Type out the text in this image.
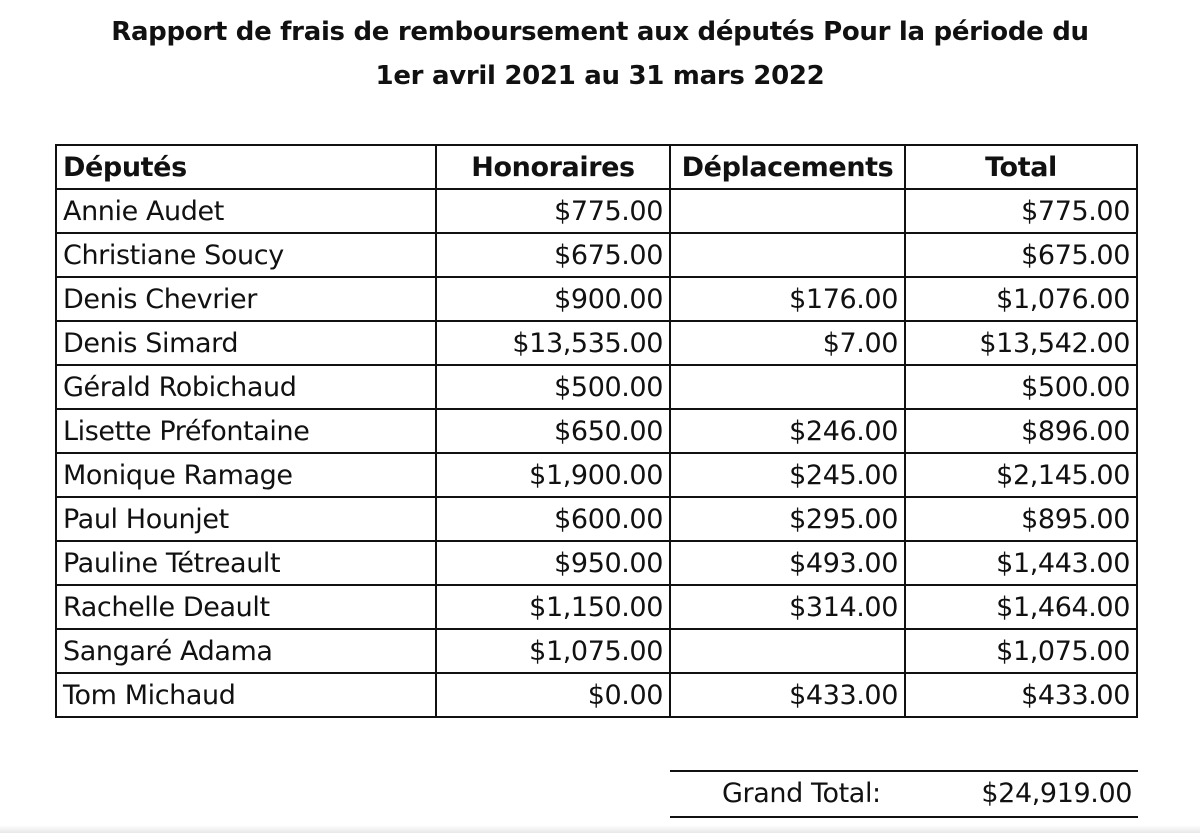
Rapport de frais de remboursement aux députés Pour la période du
1er avril 2021 au 31 mars 2022
Députés	Honoraires	Déplacements	Total
Annie Audet	$775.00		$775.00
Christiane Soucy	$675.00		$675.00
Denis Chevrier	$900.00	$176.00	$1,076.00
Denis Simard	$13,535.00	$7.00	$13,542.00
Gérald Robichaud	$500.00		$500.00
Lisette Préfontaine	$650.00	$246.00	$896.00
Monique Ramage	$1,900.00	$245.00	$2,145.00
Paul Hounjet	$600.00	$295.00	$895.00
Pauline Tétreault	$950.00	$493.00	$1,443.00
Rachelle Deault	$1,150.00	$314.00	$1,464.00
Sangaré Adama	$1,075.00		$1,075.00
Tom Michaud	$0.00	$433.00	$433.00
Grand Total:	$24,919.00
